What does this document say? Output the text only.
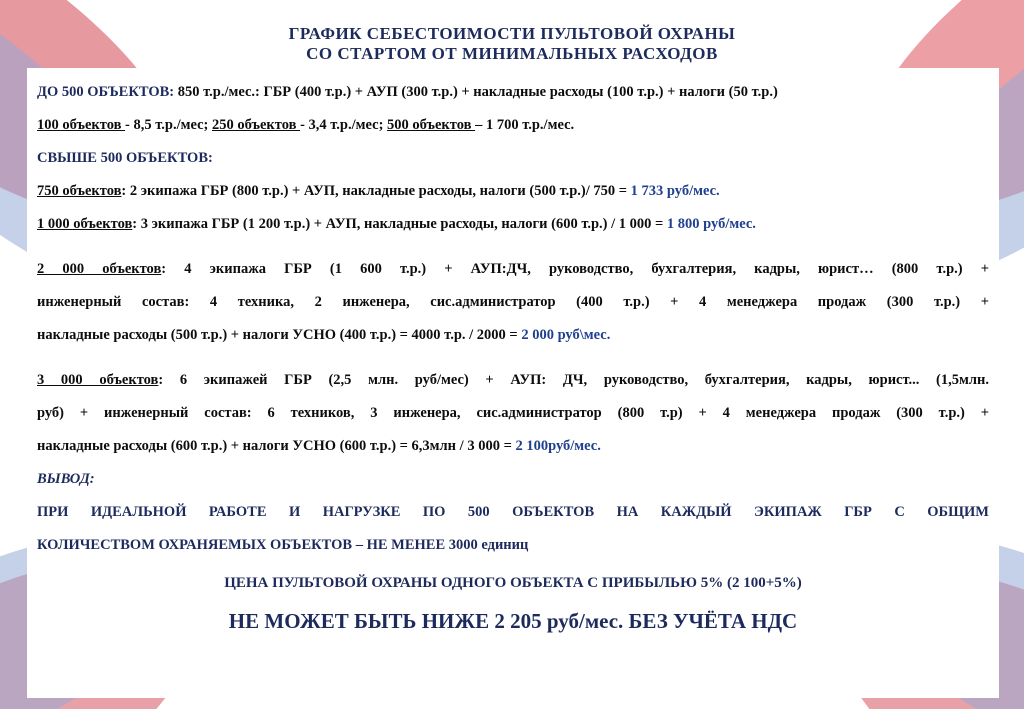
ГРАФИК СЕБЕСТОИМОСТИ ПУЛЬТОВОЙ ОХРАНЫ
СО СТАРТОМ ОТ МИНИМАЛЬНЫХ РАСХОДОВ
ДО 500 ОБЪЕКТОВ: 850 т.р./мес.: ГБР (400 т.р.) + АУП (300 т.р.) + накладные расходы (100 т.р.) + налоги (50 т.р.)
100 объектов - 8,5 т.р./мес; 250 объектов - 3,4 т.р./мес; 500 объектов – 1 700 т.р./мес.
СВЫШЕ 500 ОБЪЕКТОВ:
750 объектов: 2 экипажа ГБР (800 т.р.) + АУП, накладные расходы, налоги (500 т.р.)/ 750 = 1 733 руб/мес.
1 000 объектов: 3 экипажа ГБР (1 200 т.р.) + АУП, накладные расходы, налоги (600 т.р.) / 1 000 = 1 800 руб/мес.
2 000 объектов: 4 экипажа ГБР (1 600 т.р.) + АУП:ДЧ, руководство, бухгалтерия, кадры, юрист… (800 т.р.) +
инженерный состав: 4 техника, 2 инженера, сис.администратор (400 т.р.) + 4 менеджера продаж (300 т.р.) +
накладные расходы (500 т.р.) + налоги УСНО (400 т.р.) = 4000 т.р. / 2000 = 2 000 руб\мес.
3 000 объектов: 6 экипажей ГБР (2,5 млн. руб/мес) + АУП: ДЧ, руководство, бухгалтерия, кадры, юрист... (1,5млн.
руб) + инженерный состав: 6 техников, 3 инженера, сис.администратор (800 т.р) + 4 менеджера продаж (300 т.р.) +
накладные расходы (600 т.р.) + налоги УСНО (600 т.р.) = 6,3млн / 3 000 = 2 100руб/мес.
ВЫВОД:
ПРИ ИДЕАЛЬНОЙ РАБОТЕ И НАГРУЗКЕ ПО 500 ОБЪЕКТОВ НА КАЖДЫЙ ЭКИПАЖ ГБР С ОБЩИМ
КОЛИЧЕСТВОМ ОХРАНЯЕМЫХ ОБЪЕКТОВ – НЕ МЕНЕЕ 3000 единиц
ЦЕНА ПУЛЬТОВОЙ ОХРАНЫ ОДНОГО ОБЪЕКТА С ПРИБЫЛЬЮ 5% (2 100+5%)
НЕ МОЖЕТ БЫТЬ НИЖЕ 2 205 руб/мес. БЕЗ УЧЁТА НДС
